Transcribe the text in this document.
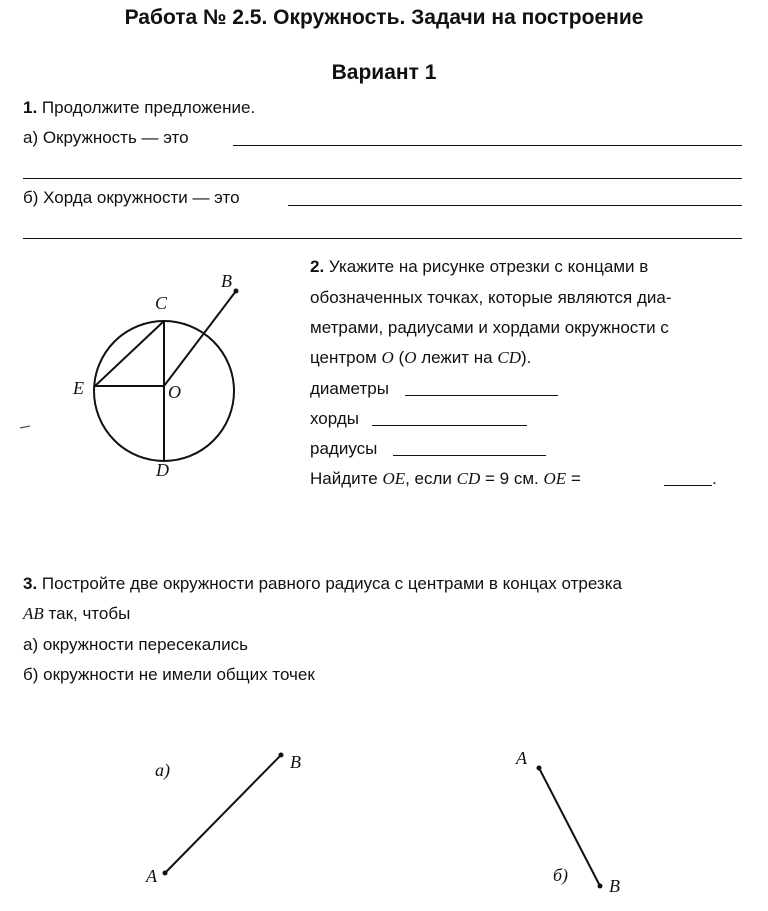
Работа № 2.5. Окружность. Задачи на построение
Вариант 1
1. Продолжите предложение.
а) Окружность — это
б) Хорда окружности — это
B
C
E	O
D
2. Укажите на рисунке отрезки с концами в
обозначенных точках, которые являются диа-
метрами, радиусами и хордами окружности с
центром O (O лежит на CD).
диаметры
хорды
радиусы
Найдите OE, если CD = 9 см. OE =	.
3. Постройте две окружности равного радиуса с центрами в концах отрезка
AB так, чтобы
а) окружности пересекались
б) окружности не имели общих точек
а)	B
A
A
б)
B
